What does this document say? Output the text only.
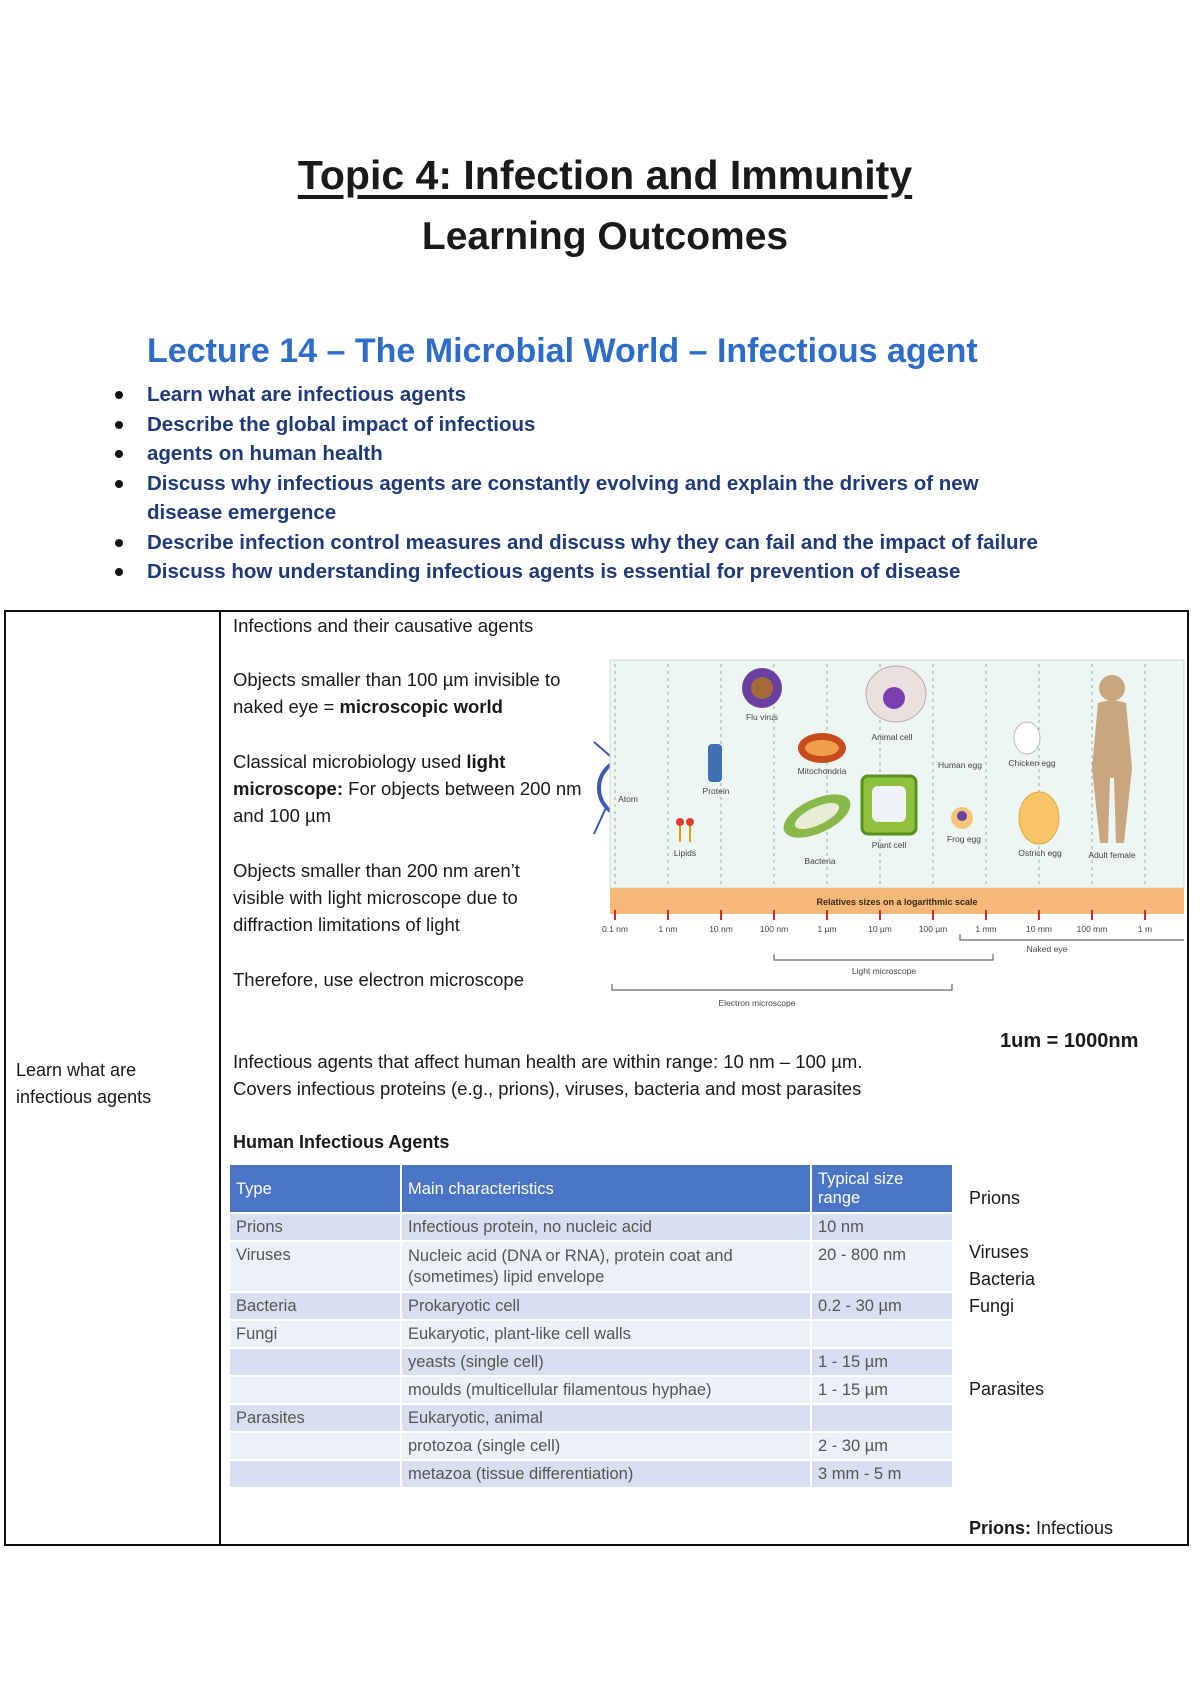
Topic 4: Infection and Immunity
Learning Outcomes
Lecture 14 – The Microbial World – Infectious agent
Learn what are infectious agents
Describe the global impact of infectious
agents on human health
Discuss why infectious agents are constantly evolving and explain the drivers of new disease emergence
Describe infection control measures and discuss why they can fail and the impact of failure
Discuss how understanding infectious agents is essential for prevention of disease
Learn what are infectious agents
Infections and their causative agents
Objects smaller than 100 µm invisible to naked eye = microscopic world
Classical microbiology used light microscope: For objects between 200 nm and 100 µm
Objects smaller than 200 nm aren’t visible with light microscope due to diffraction limitations of light
Therefore, use electron microscope
1um = 1000nm
Infectious agents that affect human health are within range: 10 nm – 100 µm.
Covers infectious proteins (e.g., prions), viruses, bacteria and most parasites
Human Infectious Agents
Atom
Lipids
Protein
Flu virus
Mitochondria
Bacteria
Animal cell
Plant cell
Human egg
Frog egg
Chicken egg
Ostrich egg	Adult female
Relatives sizes on a logarithmic scale
0.1 nm	1 nm	10 nm	100 nm	1 µm	10 µm	100 µm	1 mm	10 mm	100 mm	1 m
Naked eye
Light microscope
Electron microscope
Type	Main characteristics	Typical size range
Prions	Infectious protein, no nucleic acid	10 nm
Viruses	Nucleic acid (DNA or RNA), protein coat and (sometimes) lipid envelope	20 - 800 nm
Bacteria	Prokaryotic cell	0.2 - 30 µm
Fungi	Eukaryotic, plant-like cell walls	
	yeasts (single cell)	1 - 15 µm
	moulds (multicellular filamentous hyphae)	1 - 15 µm
Parasites	Eukaryotic, animal	
	protozoa (single cell)	2 - 30 µm
	metazoa (tissue differentiation)	3 mm - 5 m
Prions
Viruses
Bacteria
Fungi
Parasites
Prions: Infectious
